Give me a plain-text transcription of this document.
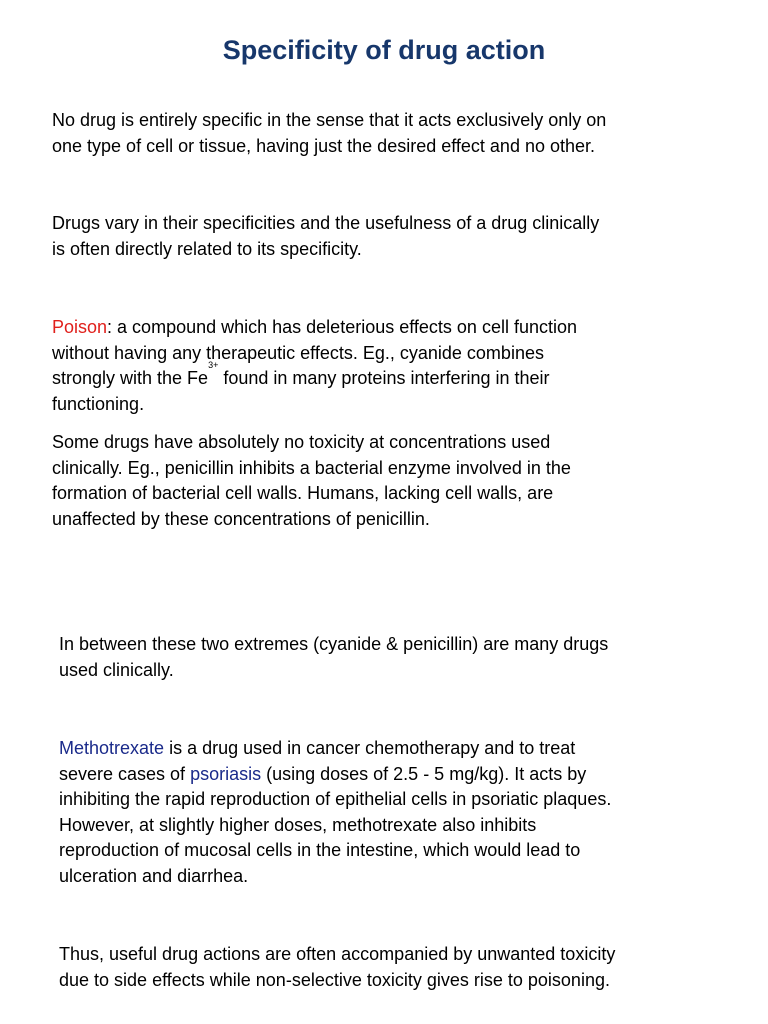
Specificity of drug action

No drug is entirely specific in the sense that it acts exclusively only on
one type of cell or tissue, having just the desired effect and no other.

Drugs vary in their specificities and the usefulness of a drug clinically
is often directly related to its specificity.

Poison: a compound which has deleterious effects on cell function
without having any therapeutic effects. Eg., cyanide combines
strongly with the $Fe^{3+}$ found in many proteins interfering in their
functioning.

Some drugs have absolutely no toxicity at concentrations used
clinically. Eg., penicillin inhibits a bacterial enzyme involved in the
formation of bacterial cell walls. Humans, lacking cell walls, are
unaffected by these concentrations of penicillin.

In between these two extremes (cyanide & penicillin) are many drugs
used clinically.

Methotrexate is a drug used in cancer chemotherapy and to treat
severe cases of psoriasis (using doses of 2.5 - 5 mg/kg). It acts by
inhibiting the rapid reproduction of epithelial cells in psoriatic plaques.
However, at slightly higher doses, methotrexate also inhibits
reproduction of mucosal cells in the intestine, which would lead to
ulceration and diarrhea.

Thus, useful drug actions are often accompanied by unwanted toxicity
due to side effects while non-selective toxicity gives rise to poisoning.
